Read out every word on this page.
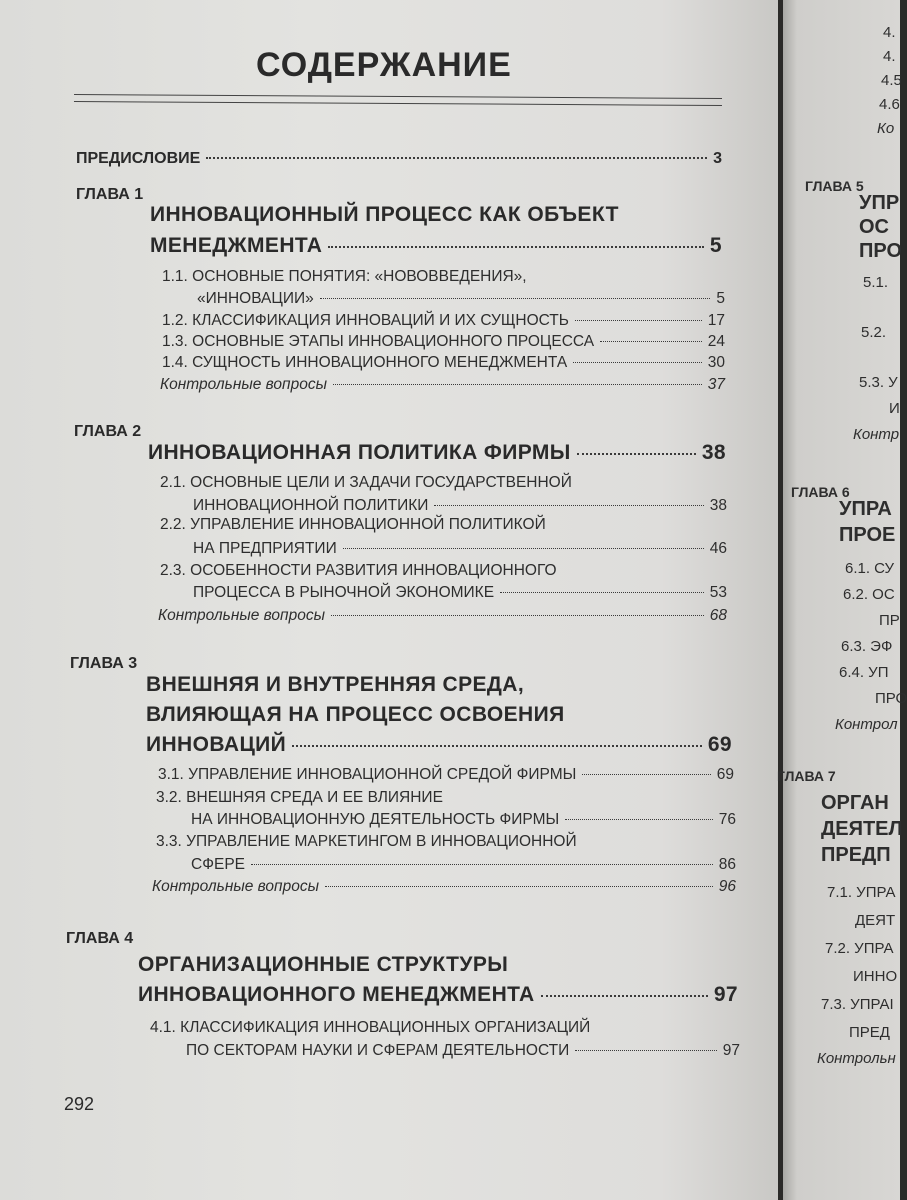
СОДЕРЖАНИЕ
ПРЕДИСЛОВИЕ	3
ГЛАВА 1
ИННОВАЦИОННЫЙ ПРОЦЕСС КАК ОБЪЕКТ
МЕНЕДЖМЕНТА	5
1.1. ОСНОВНЫЕ ПОНЯТИЯ: «НОВОВВЕДЕНИЯ»,
«ИННОВАЦИИ»	5
1.2. КЛАССИФИКАЦИЯ ИННОВАЦИЙ И ИХ СУЩНОСТЬ	17
1.3. ОСНОВНЫЕ ЭТАПЫ ИННОВАЦИОННОГО ПРОЦЕССА	24
1.4. СУЩНОСТЬ ИННОВАЦИОННОГО МЕНЕДЖМЕНТА	30
Контрольные вопросы	37
ГЛАВА 2
ИННОВАЦИОННАЯ ПОЛИТИКА ФИРМЫ	38
2.1. ОСНОВНЫЕ ЦЕЛИ И ЗАДАЧИ ГОСУДАРСТВЕННОЙ
ИННОВАЦИОННОЙ ПОЛИТИКИ	38
2.2. УПРАВЛЕНИЕ ИННОВАЦИОННОЙ ПОЛИТИКОЙ
НА ПРЕДПРИЯТИИ	46
2.3. ОСОБЕННОСТИ РАЗВИТИЯ ИННОВАЦИОННОГО
ПРОЦЕССА В РЫНОЧНОЙ ЭКОНОМИКЕ	53
Контрольные вопросы	68
ГЛАВА 3
ВНЕШНЯЯ И ВНУТРЕННЯЯ СРЕДА,
ВЛИЯЮЩАЯ НА ПРОЦЕСС ОСВОЕНИЯ
ИННОВАЦИЙ	69
3.1. УПРАВЛЕНИЕ ИННОВАЦИОННОЙ СРЕДОЙ ФИРМЫ	69
3.2. ВНЕШНЯЯ СРЕДА И ЕЕ ВЛИЯНИЕ
НА ИННОВАЦИОННУЮ ДЕЯТЕЛЬНОСТЬ ФИРМЫ	76
3.3. УПРАВЛЕНИЕ МАРКЕТИНГОМ В ИННОВАЦИОННОЙ
СФЕРЕ	86
Контрольные вопросы	96
ГЛАВА 4
ОРГАНИЗАЦИОННЫЕ СТРУКТУРЫ
ИННОВАЦИОННОГО МЕНЕДЖМЕНТА	97
4.1. КЛАССИФИКАЦИЯ ИННОВАЦИОННЫХ ОРГАНИЗАЦИЙ
ПО СЕКТОРАМ НАУКИ И СФЕРАМ ДЕЯТЕЛЬНОСТИ	97
292
4.
4.
4.5
4.6
Ко
ГЛАВА 5
УПР
ОС
ПРО
5.1.
5.2.
5.3. У
И
Контр
ГЛАВА 6
УПРА
ПРОЕ
6.1. СУ
6.2. ОС
ПР
6.3. ЭФ
6.4. УП
ПРО
Контрол
ГЛАВА 7
ОРГАН
ДЕЯТЕЛ
ПРЕДП
7.1. УПРА
ДЕЯТ
7.2. УПРА
ИННО
7.3. УПРАІ
ПРЕД
Контрольн
